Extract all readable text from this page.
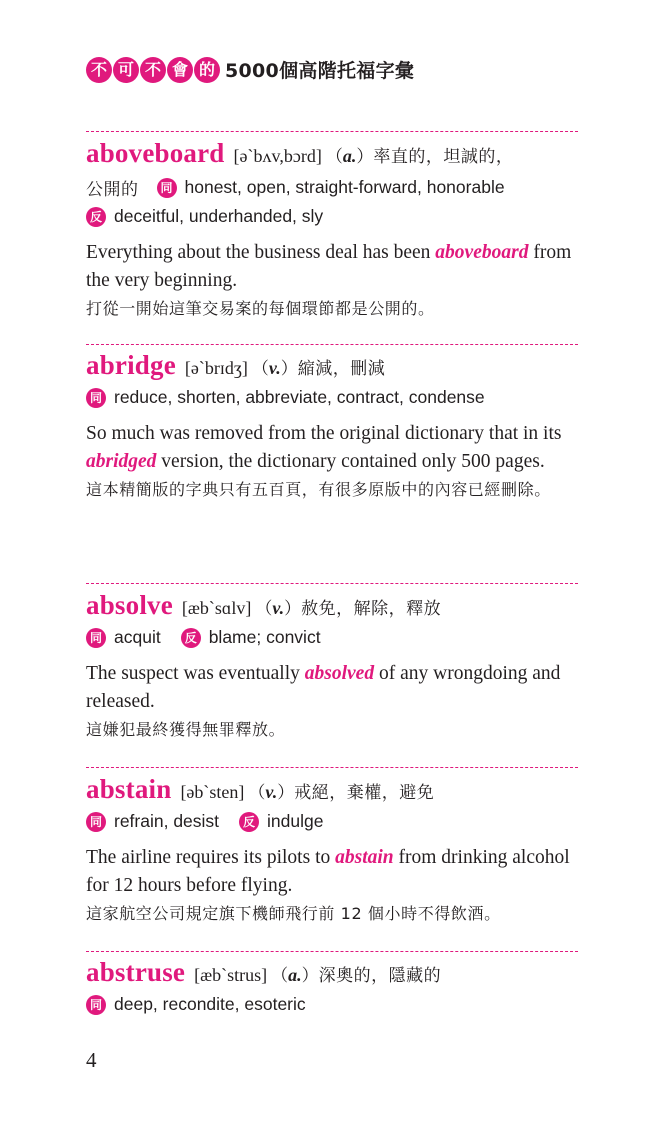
不 可 不 會 的 5000個高階托福字彙
aboveboard [əˋbʌv,bɔrd] （a.） 率直的，坦誠的，
公開的	同 honest, open, straight-forward, honorable
反 deceitful, underhanded, sly
Everything about the business deal has been aboveboard from the very beginning.
打從一開始這筆交易案的每個環節都是公開的。
abridge [əˋbrɪdʒ] （v.） 縮減，刪減
同 reduce, shorten, abbreviate, contract, condense
So much was removed from the original dictionary that in its abridged version, the dictionary contained only 500 pages.
這本精簡版的字典只有五百頁，有很多原版中的內容已經刪除。
absolve [æbˋsɑlv] （v.） 赦免，解除，釋放
同 acquit	反 blame; convict
The suspect was eventually absolved of any wrongdoing and released.
這嫌犯最終獲得無罪釋放。
abstain [əbˋsten] （v.） 戒絕，棄權，避免
同 refrain, desist	反 indulge
The airline requires its pilots to abstain from drinking alcohol for 12 hours before flying.
這家航空公司規定旗下機師飛行前 12 個小時不得飲酒。
abstruse [æbˋstrus] （a.） 深奧的，隱藏的
同 deep, recondite, esoteric
4
